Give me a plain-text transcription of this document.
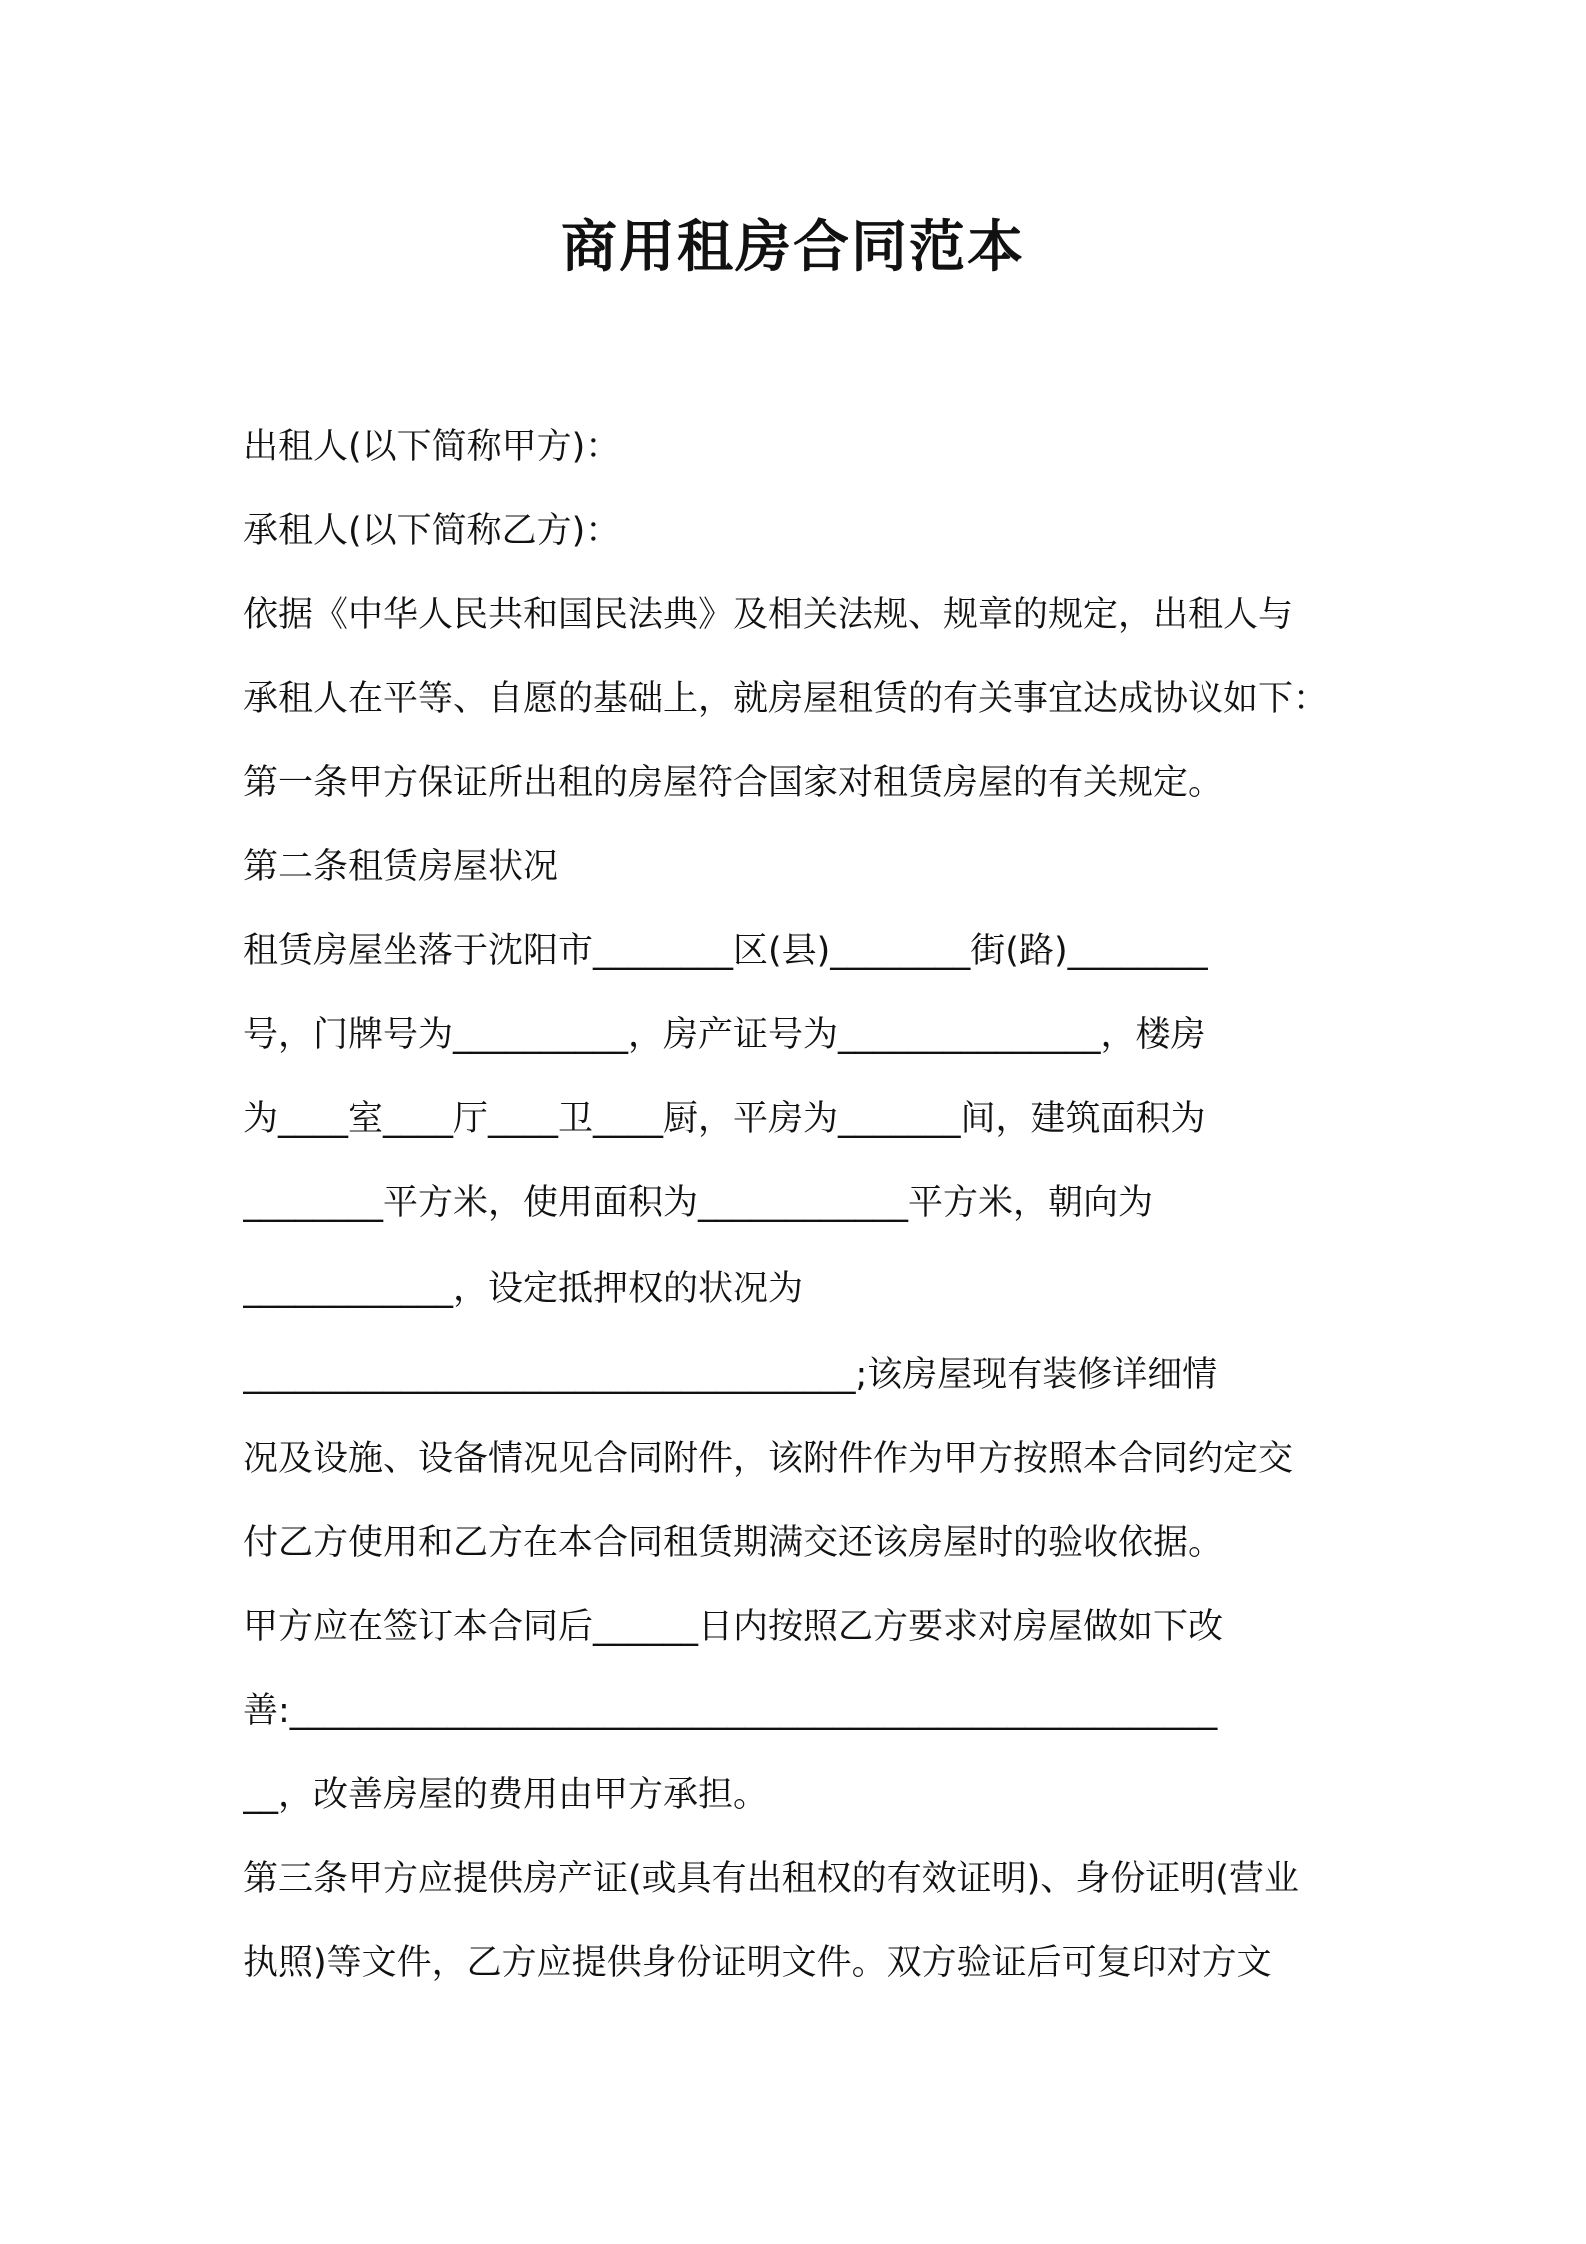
商用租房合同范本
出租人(以下简称甲方)：
承租人(以下简称乙方)：
依据《中华人民共和国民法典》及相关法规、规章的规定，出租人与
承租人在平等、自愿的基础上，就房屋租赁的有关事宜达成协议如下：
第一条甲方保证所出租的房屋符合国家对租赁房屋的有关规定。
第二条租赁房屋状况
租赁房屋坐落于沈阳市________区(县)________街(路)________
号，门牌号为__________，房产证号为_______________，楼房
为____室____厅____卫____厨，平房为_______间，建筑面积为
________平方米，使用面积为____________平方米，朝向为
____________，设定抵押权的状况为
___________________________________;该房屋现有装修详细情
况及设施、设备情况见合同附件，该附件作为甲方按照本合同约定交
付乙方使用和乙方在本合同租赁期满交还该房屋时的验收依据。
甲方应在签订本合同后______日内按照乙方要求对房屋做如下改
善:_____________________________________________________
__，改善房屋的费用由甲方承担。
第三条甲方应提供房产证(或具有出租权的有效证明)、身份证明(营业
执照)等文件，乙方应提供身份证明文件。双方验证后可复印对方文
